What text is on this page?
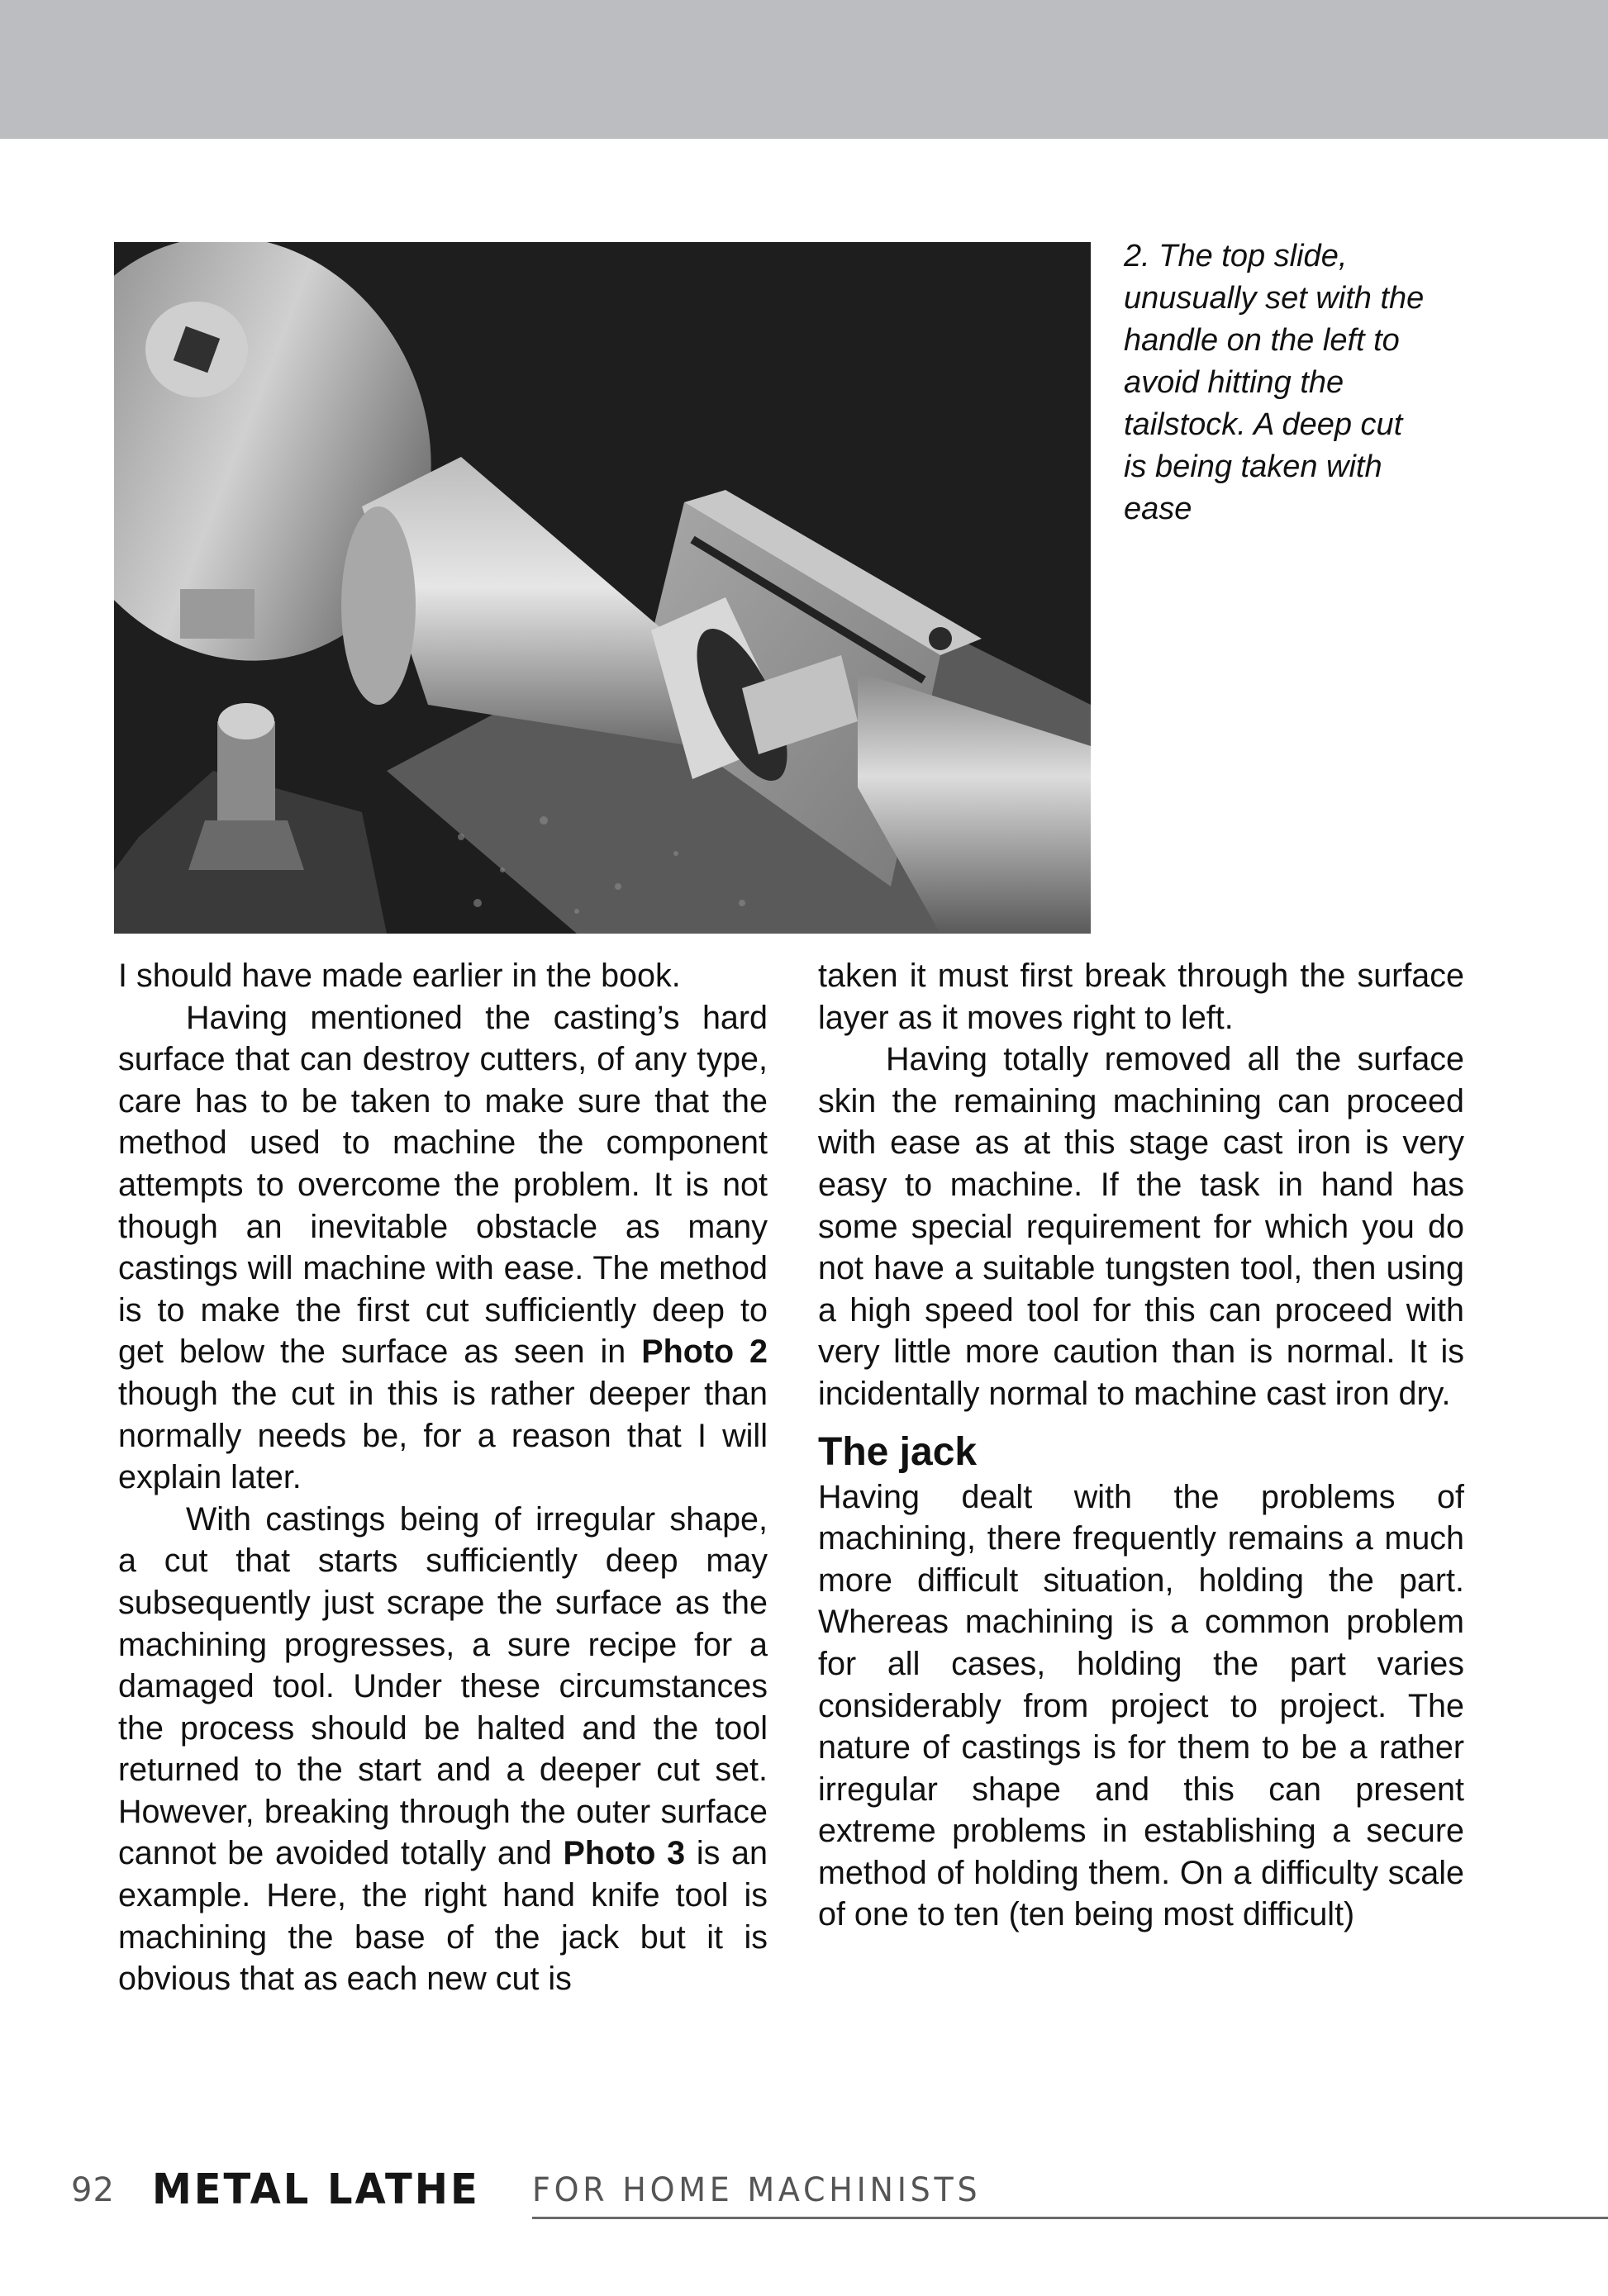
2. The top slide,
unusually set with the
handle on the left to
avoid hitting the
tailstock. A deep cut
is being taken with
ease

I should have made earlier in the book.

Having mentioned the casting’s hard surface that can destroy cutters, of any type, care has to be taken to make sure that the method used to machine the component attempts to overcome the problem. It is not though an inevitable obstacle as many castings will machine with ease. The method is to make the first cut sufficiently deep to get below the surface as seen in Photo 2 though the cut in this is rather deeper than normally needs be, for a reason that I will explain later.

With castings being of irregular shape, a cut that starts sufficiently deep may subsequently just scrape the surface as the machining progresses, a sure recipe for a damaged tool. Under these circumstances the process should be halted and the tool returned to the start and a deeper cut set. However, breaking through the outer surface cannot be avoided totally and Photo 3 is an example. Here, the right hand knife tool is machining the base of the jack but it is obvious that as each new cut is

taken it must first break through the surface layer as it moves right to left.

Having totally removed all the surface skin the remaining machining can proceed with ease as at this stage cast iron is very easy to machine. If the task in hand has some special requirement for which you do not have a suitable tungsten tool, then using a high speed tool for this can proceed with very little more caution than is normal. It is incidentally normal to machine cast iron dry.

The jack

Having dealt with the problems of machining, there frequently remains a much more difficult situation, holding the part. Whereas machining is a common problem for all cases, holding the part varies considerably from project to project. The nature of castings is for them to be a rather irregular shape and this can present extreme problems in establishing a secure method of holding them. On a difficulty scale of one to ten (ten being most difficult)

92 METAL LATHE FOR HOME MACHINISTS
